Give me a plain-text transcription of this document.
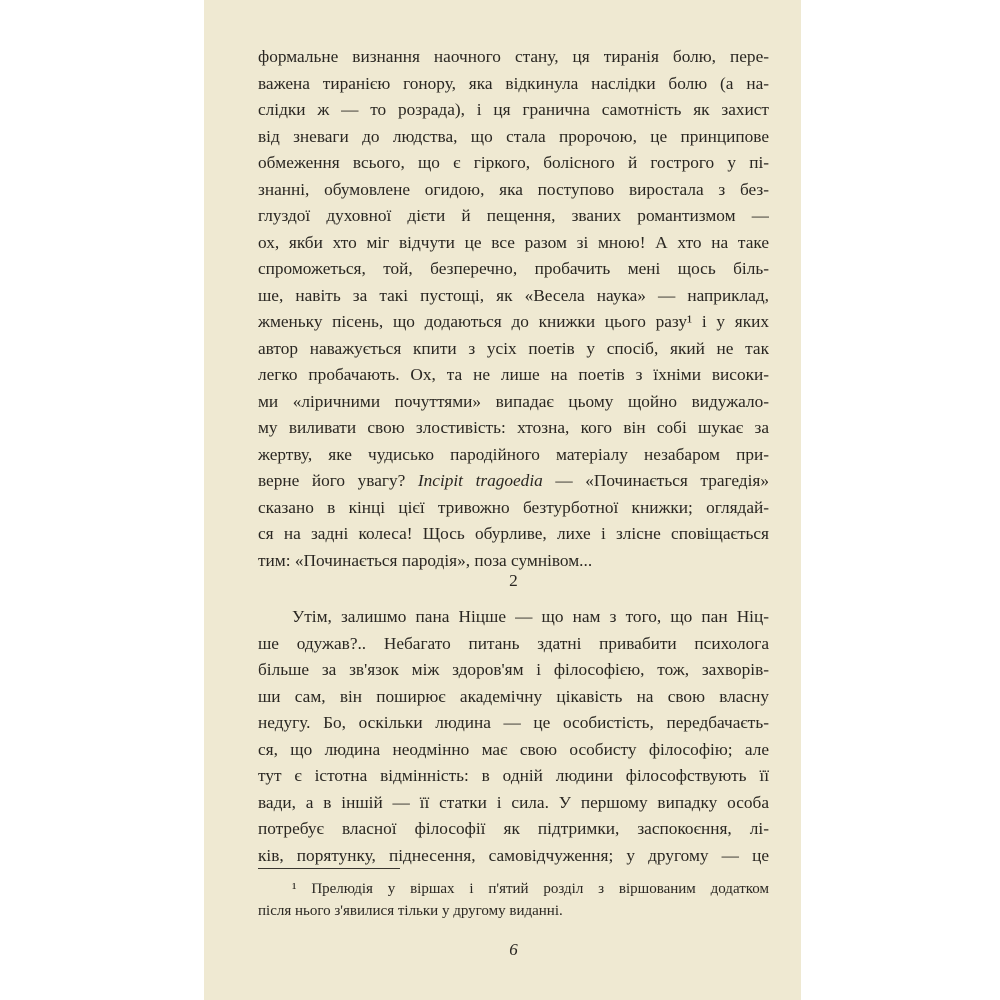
формальне визнання наочного стану, ця тиранія болю, пере-
важена тиранією гонору, яка відкинула наслідки болю (а на-
слідки ж — то розрада), і ця гранична самотність як захист
від зневаги до людства, що стала пророчою, це принципове
обмеження всього, що є гіркого, болісного й гострого у пі-
знанні, обумовлене огидою, яка поступово виростала з без-
глуздої духовної дієти й пещення, званих романтизмом —
ох, якби хто міг відчути це все разом зі мною! А хто на таке
спроможеться, той, безперечно, пробачить мені щось біль-
ше, навіть за такі пустощі, як «Весела наука» — наприклад,
жменьку пісень, що додаються до книжки цього разу¹ і у яких
автор наважується кпити з усіх поетів у спосіб, який не так
легко пробачають. Ох, та не лише на поетів з їхніми високи-
ми «ліричними почуттями» випадає цьому щойно видужало-
му виливати свою злостивість: хтозна, кого він собі шукає за
жертву, яке чудисько пародійного матеріалу незабаром при-
верне його увагу? Incipit tragoedia — «Починається трагедія»
сказано в кінці цієї тривожно безтурботної книжки; оглядай-
ся на задні колеса! Щось обурливе, лихе і злісне сповіщається
тим: «Починається пародія», поза сумнівом...
2
Утім, залишмо пана Ніцше — що нам з того, що пан Ніц-
ше одужав?.. Небагато питань здатні привабити психолога
більше за зв'язок між здоров'ям і філософією, тож, захворів-
ши сам, він поширює академічну цікавість на свою власну
недугу. Бо, оскільки людина — це особистість, передбачаєть-
ся, що людина неодмінно має свою особисту філософію; але
тут є істотна відмінність: в одній людини філософствують її
вади, а в іншій — її статки і сила. У першому випадку особа
потребує власної філософії як підтримки, заспокоєння, лі-
ків, порятунку, піднесення, самовідчуження; у другому — це
¹ Прелюдія у віршах і п'ятий розділ з віршованим додатком
після нього з'явилися тільки у другому виданні.
6
